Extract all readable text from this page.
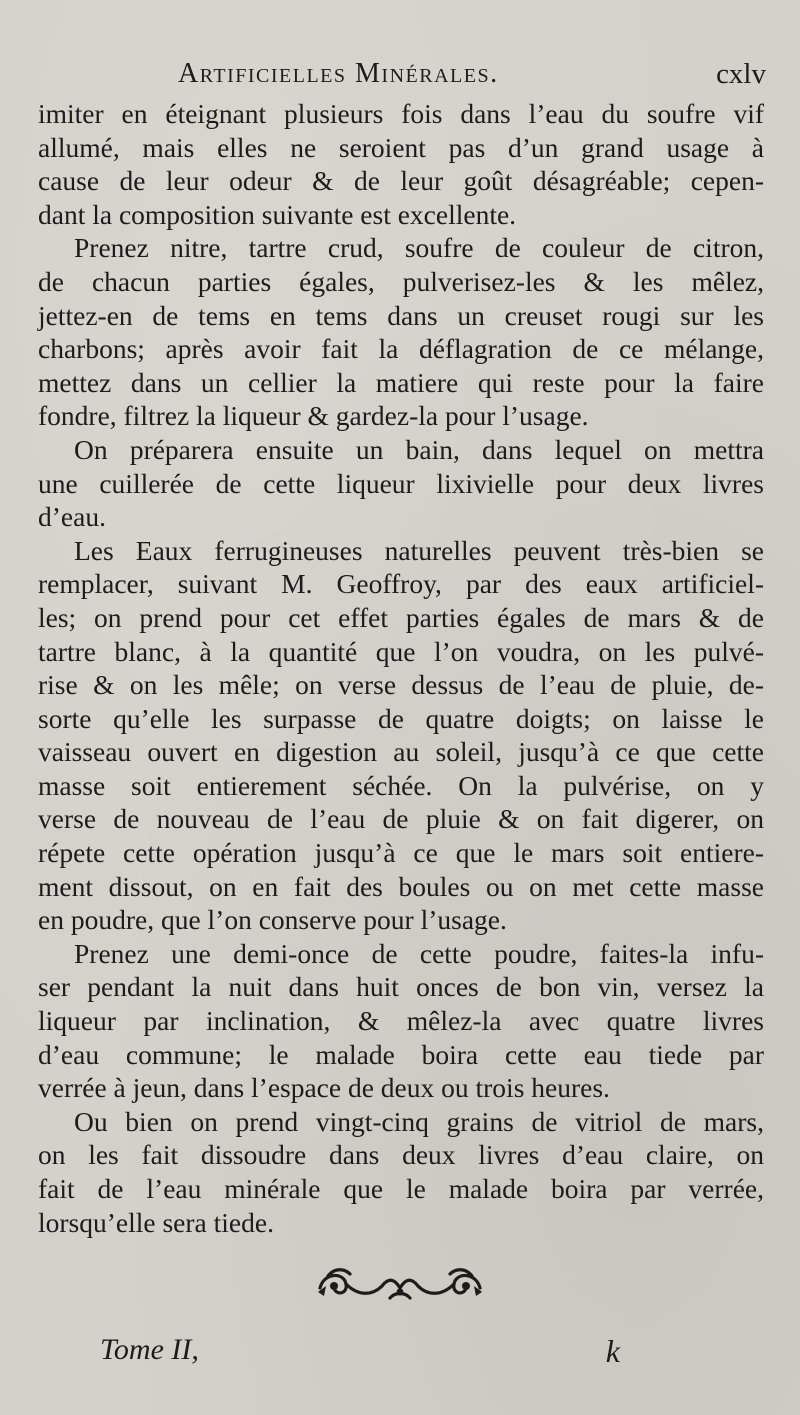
Artificielles Minérales.	cxlv
imiter en éteignant plusieurs fois dans l’eau du soufre vif
allumé, mais elles ne seroient pas d’un grand usage à
cause de leur odeur & de leur goût désagréable; cepen-
dant la composition suivante est excellente.
Prenez nitre, tartre crud, soufre de couleur de citron,
de chacun parties égales, pulverisez-les & les mêlez,
jettez-en de tems en tems dans un creuset rougi sur les
charbons; après avoir fait la déflagration de ce mélange,
mettez dans un cellier la matiere qui reste pour la faire
fondre, filtrez la liqueur & gardez-la pour l’usage.
On préparera ensuite un bain, dans lequel on mettra
une cuillerée de cette liqueur lixivielle pour deux livres
d’eau.
Les Eaux ferrugineuses naturelles peuvent très-bien se
remplacer, suivant M. Geoffroy, par des eaux artificiel-
les; on prend pour cet effet parties égales de mars & de
tartre blanc, à la quantité que l’on voudra, on les pulvé-
rise & on les mêle; on verse dessus de l’eau de pluie, de-
sorte qu’elle les surpasse de quatre doigts; on laisse le
vaisseau ouvert en digestion au soleil, jusqu’à ce que cette
masse soit entierement séchée. On la pulvérise, on y
verse de nouveau de l’eau de pluie & on fait digerer, on
répete cette opération jusqu’à ce que le mars soit entiere-
ment dissout, on en fait des boules ou on met cette masse
en poudre, que l’on conserve pour l’usage.
Prenez une demi-once de cette poudre, faites-la infu-
ser pendant la nuit dans huit onces de bon vin, versez la
liqueur par inclination, & mêlez-la avec quatre livres
d’eau commune; le malade boira cette eau tiede par
verrée à jeun, dans l’espace de deux ou trois heures.
Ou bien on prend vingt-cinq grains de vitriol de mars,
on les fait dissoudre dans deux livres d’eau claire, on
fait de l’eau minérale que le malade boira par verrée,
lorsqu’elle sera tiede.
Tome II,	k
